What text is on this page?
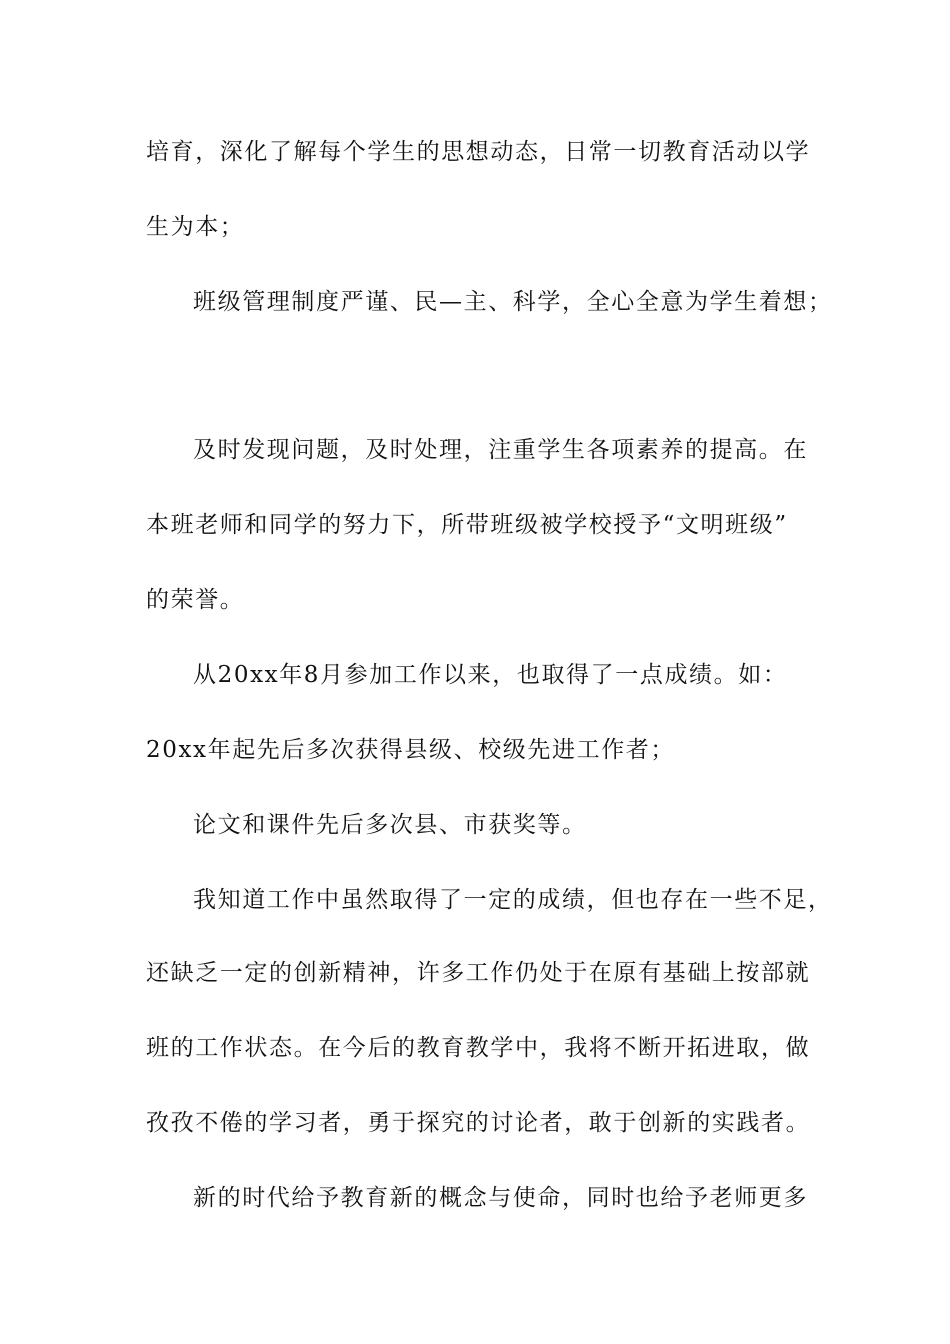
培育，深化了解每个学生的思想动态，日常一切教育活动以学
生为本；
班级管理制度严谨、民—主、科学，全心全意为学生着想；
及时发现问题，及时处理，注重学生各项素养的提高。在
本班老师和同学的努力下，所带班级被学校授予“文明班级”
的荣誉。
从20xx年8月参加工作以来，也取得了一点成绩。如：
20xx年起先后多次获得县级、校级先进工作者；
论文和课件先后多次县、市获奖等。
我知道工作中虽然取得了一定的成绩，但也存在一些不足，
还缺乏一定的创新精神，许多工作仍处于在原有基础上按部就
班的工作状态。在今后的教育教学中，我将不断开拓进取，做
孜孜不倦的学习者，勇于探究的讨论者，敢于创新的实践者。
新的时代给予教育新的概念与使命，同时也给予老师更多
